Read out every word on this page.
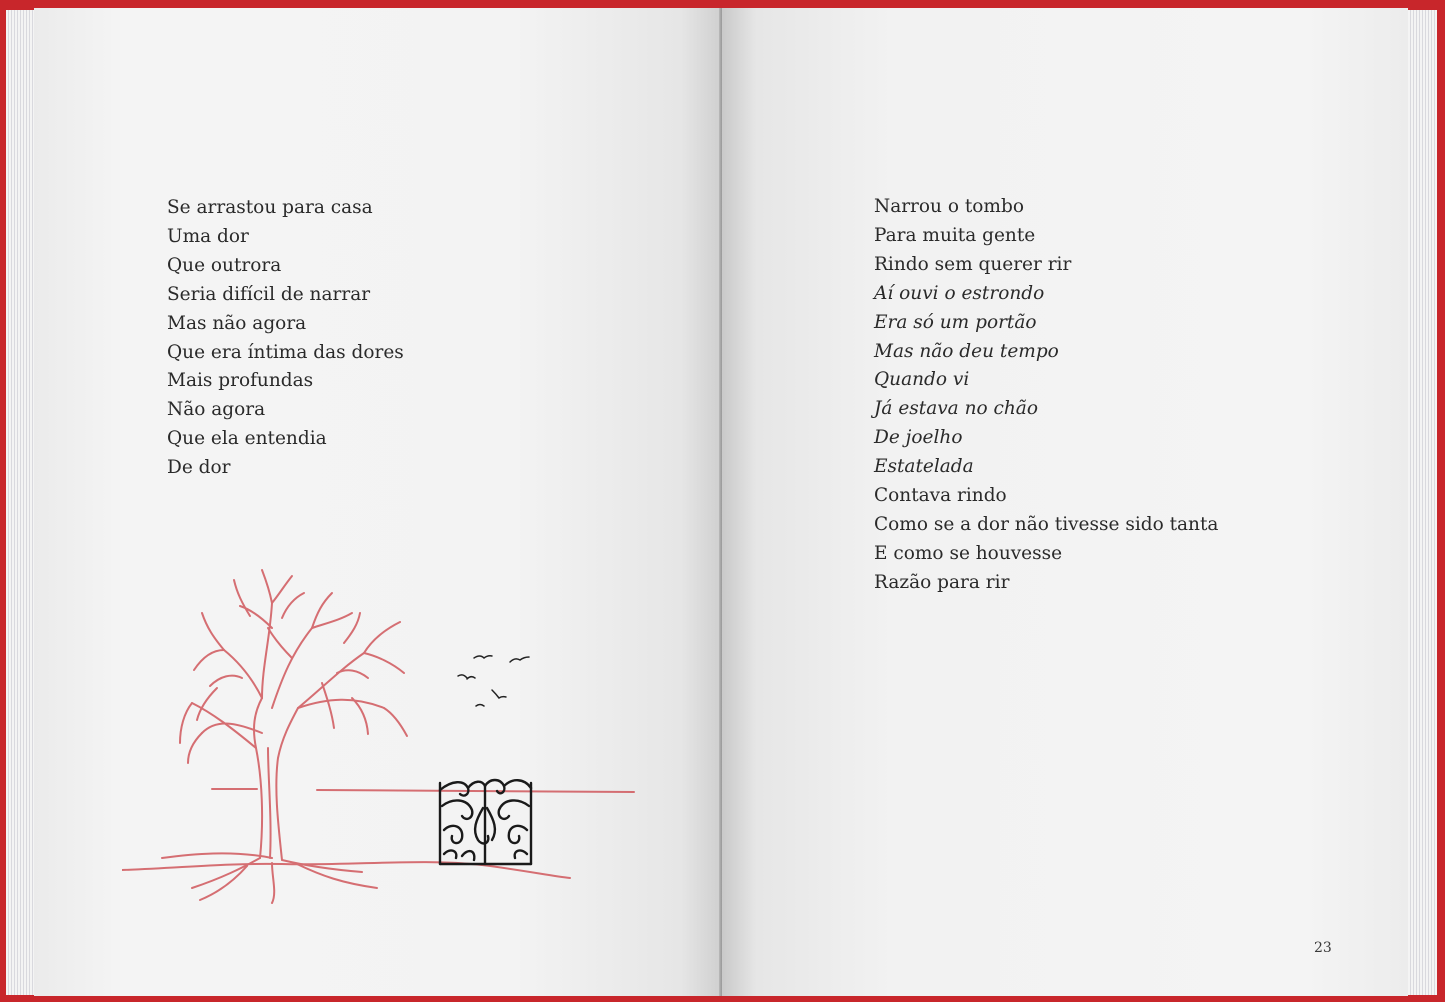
Se arrastou para casa
Uma dor
Que outrora
Seria difícil de narrar
Mas não agora
Que era íntima das dores
Mais profundas
Não agora
Que ela entendia
De dor
Narrou o tombo
Para muita gente
Rindo sem querer rir
Aí ouvi o estrondo
Era só um portão
Mas não deu tempo
Quando vi
Já estava no chão
De joelho
Estatelada
Contava rindo
Como se a dor não tivesse sido tanta
E como se houvesse
Razão para rir
23
